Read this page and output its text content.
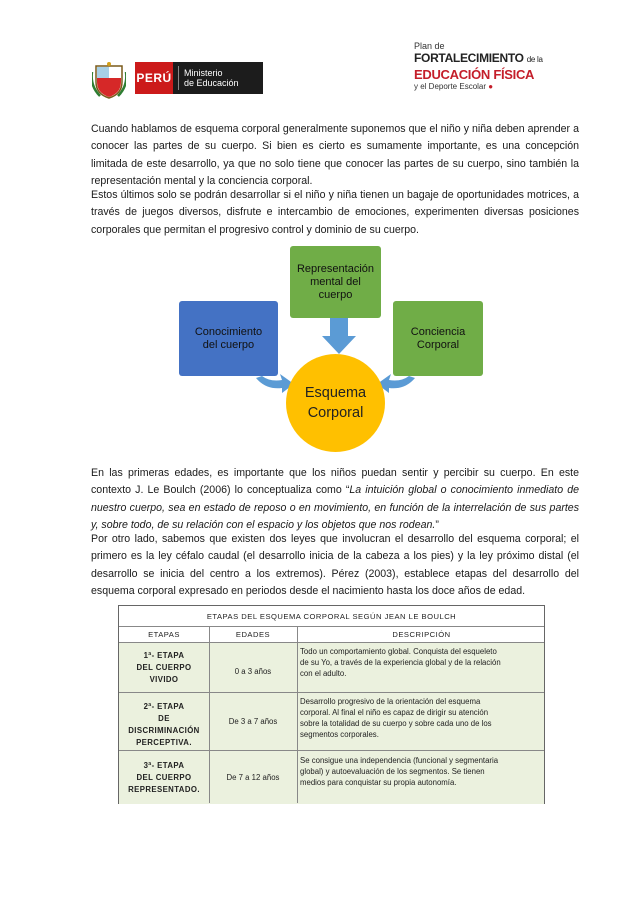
PERÚ Ministerio
de Educación
Plan de
FORTALECIMIENTO de la
EDUCACIÓN FÍSICA
y el Deporte Escolar ●

Cuando hablamos de esquema corporal generalmente suponemos que el niño y niña deben aprender a conocer las partes de su cuerpo. Si bien es cierto es sumamente importante, es una concepción limitada de este desarrollo, ya que no solo tiene que conocer las partes de su cuerpo, sino también la representación mental y la conciencia corporal.

Estos últimos solo se podrán desarrollar si el niño y niña tienen un bagaje de oportunidades motrices, a través de juegos diversos, disfrute e intercambio de emociones, experimenten diversas posiciones corporales que permitan el progresivo control y dominio de su cuerpo.

Representación
mental del
cuerpo
Conocimiento
del cuerpo
Conciencia
Corporal
Esquema
Corporal

En las primeras edades, es importante que los niños puedan sentir y percibir su cuerpo. En este contexto J. Le Boulch (2006) lo conceptualiza como “La intuición global o conocimiento inmediato de nuestro cuerpo, sea en estado de reposo o en movimiento, en función de la interrelación de sus partes y, sobre todo, de su relación con el espacio y los objetos que nos rodean.”

Por otro lado, sabemos que existen dos leyes que involucran el desarrollo del esquema corporal; el primero es la ley céfalo caudal (el desarrollo inicia de la cabeza a los pies) y la ley próximo distal (el desarrollo se inicia del centro a los extremos). Pérez (2003), establece etapas del desarrollo del esquema corporal expresado en periodos desde el nacimiento hasta los doce años de edad.

ETAPAS DEL ESQUEMA CORPORAL SEGÚN JEAN LE BOULCH
ETAPAS	EDADES	DESCRIPCIÓN
1ª- ETAPA
DEL CUERPO
VIVIDO
0 a 3 años
Todo un comportamiento global. Conquista del esqueleto
de su Yo, a través de la experiencia global y de la relación
con el adulto.
2ª- ETAPA
DE
DISCRIMINACIÓN
PERCEPTIVA.
De 3 a 7 años
Desarrollo progresivo de la orientación del esquema
corporal. Al final el niño es capaz de dirigir su atención
sobre la totalidad de su cuerpo y sobre cada uno de los
segmentos corporales.
3ª- ETAPA
DEL CUERPO
REPRESENTADO.
De 7 a 12 años
Se consigue una independencia (funcional y segmentaria
global) y autoevaluación de los segmentos. Se tienen
medios para conquistar su propia autonomía.
